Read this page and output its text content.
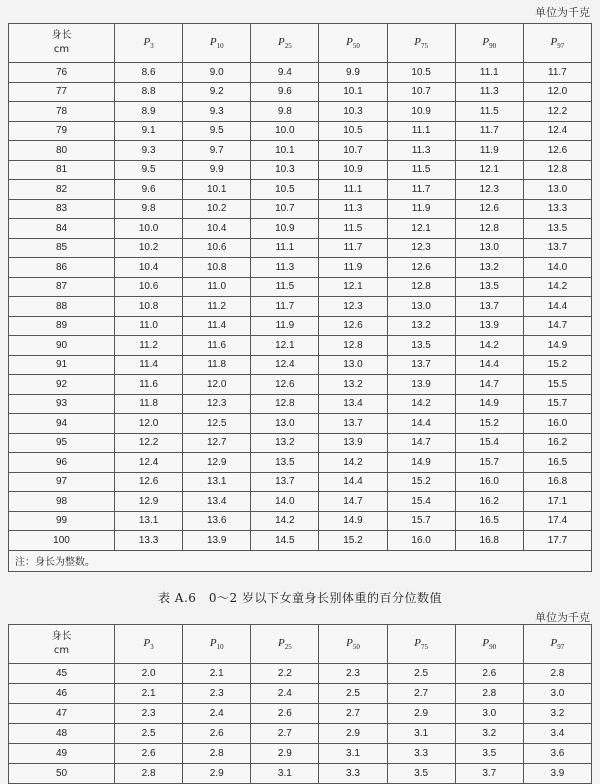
单位为千克
身长
cm	$P_3$	$P_{10}$	$P_{25}$	$P_{50}$	$P_{75}$	$P_{90}$	$P_{97}$
76	8.6	9.0	9.4	9.9	10.5	11.1	11.7
77	8.8	9.2	9.6	10.1	10.7	11.3	12.0
78	8.9	9.3	9.8	10.3	10.9	11.5	12.2
79	9.1	9.5	10.0	10.5	11.1	11.7	12.4
80	9.3	9.7	10.1	10.7	11.3	11.9	12.6
81	9.5	9.9	10.3	10.9	11.5	12.1	12.8
82	9.6	10.1	10.5	11.1	11.7	12.3	13.0
83	9.8	10.2	10.7	11.3	11.9	12.6	13.3
84	10.0	10.4	10.9	11.5	12.1	12.8	13.5
85	10.2	10.6	11.1	11.7	12.3	13.0	13.7
86	10.4	10.8	11.3	11.9	12.6	13.2	14.0
87	10.6	11.0	11.5	12.1	12.8	13.5	14.2
88	10.8	11.2	11.7	12.3	13.0	13.7	14.4
89	11.0	11.4	11.9	12.6	13.2	13.9	14.7
90	11.2	11.6	12.1	12.8	13.5	14.2	14.9
91	11.4	11.8	12.4	13.0	13.7	14.4	15.2
92	11.6	12.0	12.6	13.2	13.9	14.7	15.5
93	11.8	12.3	12.8	13.4	14.2	14.9	15.7
94	12.0	12.5	13.0	13.7	14.4	15.2	16.0
95	12.2	12.7	13.2	13.9	14.7	15.4	16.2
96	12.4	12.9	13.5	14.2	14.9	15.7	16.5
97	12.6	13.1	13.7	14.4	15.2	16.0	16.8
98	12.9	13.4	14.0	14.7	15.4	16.2	17.1
99	13.1	13.6	14.2	14.9	15.7	16.5	17.4
100	13.3	13.9	14.5	15.2	16.0	16.8	17.7
注：身长为整数。							
表 A.6　0～2 岁以下女童身长别体重的百分位数值
单位为千克
身长
cm	$P_3$	$P_{10}$	$P_{25}$	$P_{50}$	$P_{75}$	$P_{90}$	$P_{97}$
45	2.0	2.1	2.2	2.3	2.5	2.6	2.8
46	2.1	2.3	2.4	2.5	2.7	2.8	3.0
47	2.3	2.4	2.6	2.7	2.9	3.0	3.2
48	2.5	2.6	2.7	2.9	3.1	3.2	3.4
49	2.6	2.8	2.9	3.1	3.3	3.5	3.6
50	2.8	2.9	3.1	3.3	3.5	3.7	3.9
